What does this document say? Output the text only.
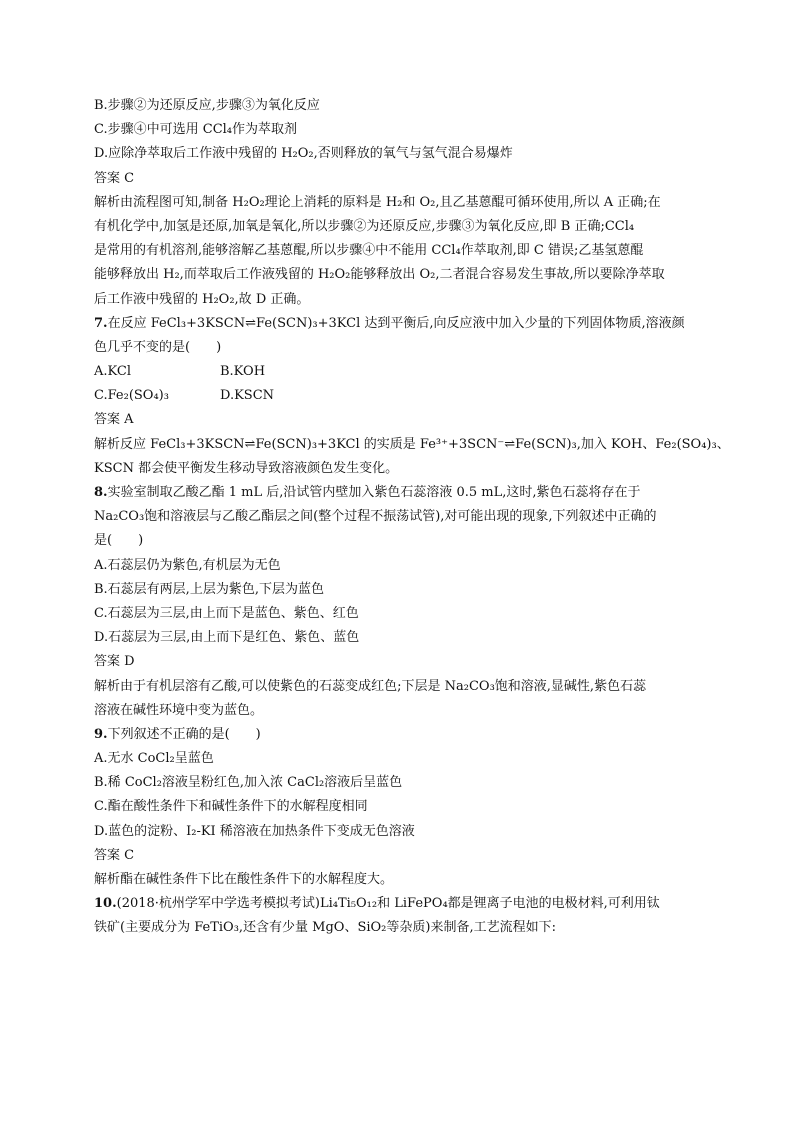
B.步骤②为还原反应,步骤③为氧化反应
C.步骤④中可选用 CCl₄作为萃取剂
D.应除净萃取后工作液中残留的 H₂O₂,否则释放的氧气与氢气混合易爆炸
答案 C
解析由流程图可知,制备 H₂O₂理论上消耗的原料是 H₂和 O₂,且乙基蒽醌可循环使用,所以 A 正确;在
有机化学中,加氢是还原,加氧是氧化,所以步骤②为还原反应,步骤③为氧化反应,即 B 正确;CCl₄
是常用的有机溶剂,能够溶解乙基蒽醌,所以步骤④中不能用 CCl₄作萃取剂,即 C 错误;乙基氢蒽醌
能够释放出 H₂,而萃取后工作液残留的 H₂O₂能够释放出 O₂,二者混合容易发生事故,所以要除净萃取
后工作液中残留的 H₂O₂,故 D 正确。
7.在反应 FeCl₃+3KSCN⇌Fe(SCN)₃+3KCl 达到平衡后,向反应液中加入少量的下列固体物质,溶液颜
色几乎不变的是(　　)
A.KCl	B.KOH
C.Fe₂(SO₄)₃	D.KSCN
答案 A
解析反应 FeCl₃+3KSCN⇌Fe(SCN)₃+3KCl 的实质是 Fe³⁺+3SCN⁻⇌Fe(SCN)₃,加入 KOH、Fe₂(SO₄)₃、
KSCN 都会使平衡发生移动导致溶液颜色发生变化。
8.实验室制取乙酸乙酯 1 mL 后,沿试管内壁加入紫色石蕊溶液 0.5 mL,这时,紫色石蕊将存在于
Na₂CO₃饱和溶液层与乙酸乙酯层之间(整个过程不振荡试管),对可能出现的现象,下列叙述中正确的
是(　　)
A.石蕊层仍为紫色,有机层为无色
B.石蕊层有两层,上层为紫色,下层为蓝色
C.石蕊层为三层,由上而下是蓝色、紫色、红色
D.石蕊层为三层,由上而下是红色、紫色、蓝色
答案 D
解析由于有机层溶有乙酸,可以使紫色的石蕊变成红色;下层是 Na₂CO₃饱和溶液,显碱性,紫色石蕊
溶液在碱性环境中变为蓝色。
9.下列叙述不正确的是(　　)
A.无水 CoCl₂呈蓝色
B.稀 CoCl₂溶液呈粉红色,加入浓 CaCl₂溶液后呈蓝色
C.酯在酸性条件下和碱性条件下的水解程度相同
D.蓝色的淀粉、I₂-KI 稀溶液在加热条件下变成无色溶液
答案 C
解析酯在碱性条件下比在酸性条件下的水解程度大。
10.(2018·杭州学军中学选考模拟考试)Li₄Ti₅O₁₂和 LiFePO₄都是锂离子电池的电极材料,可利用钛
铁矿(主要成分为 FeTiO₃,还含有少量 MgO、SiO₂等杂质)来制备,工艺流程如下:
